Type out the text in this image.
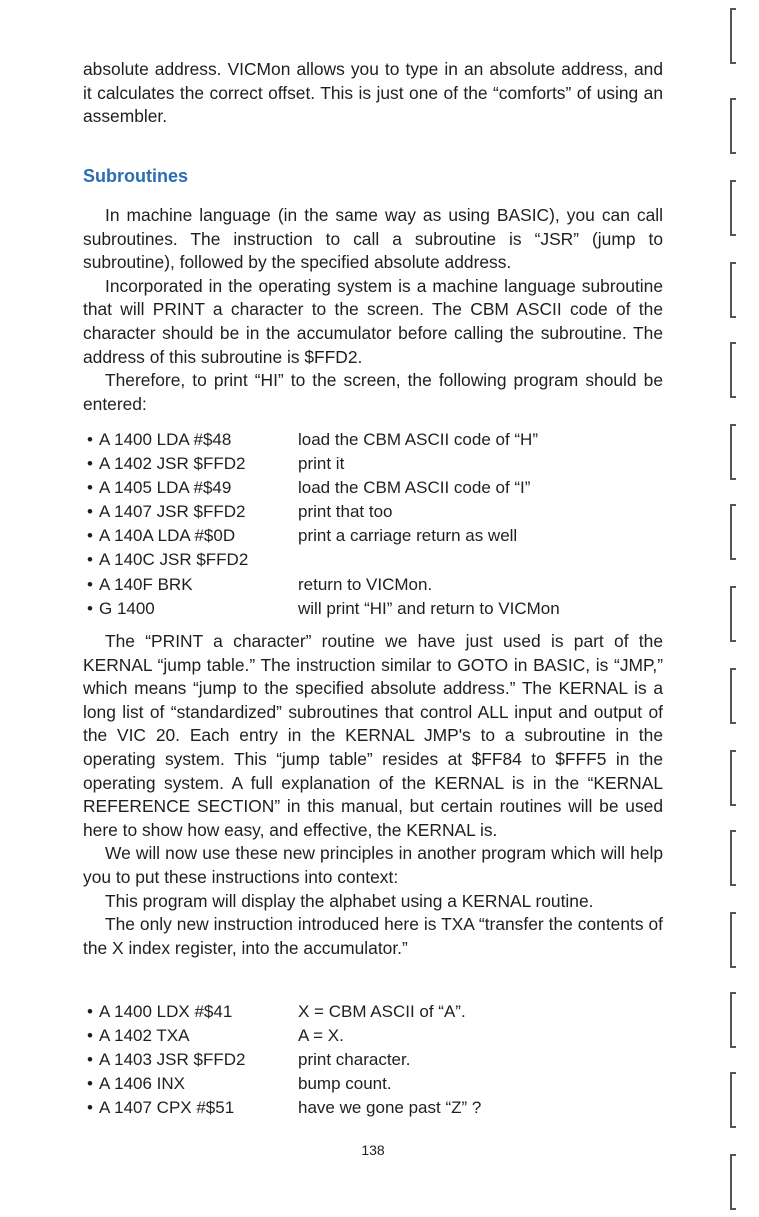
absolute address. VICMon allows you to type in an absolute address, and it calculates the correct offset. This is just one of the “comforts” of using an assembler.

Subroutines

In machine language (in the same way as using BASIC), you can call subroutines. The instruction to call a subroutine is “JSR” (jump to subroutine), followed by the specified absolute address.

Incorporated in the operating system is a machine language subroutine that will PRINT a character to the screen. The CBM ASCII code of the character should be in the accumulator before calling the subroutine. The address of this subroutine is $FFD2.

Therefore, to print “HI” to the screen, the following program should be entered:

• A 1400 LDA #$48	load the CBM ASCII code of “H”
• A 1402 JSR $FFD2	print it
• A 1405 LDA #$49	load the CBM ASCII code of “I”
• A 1407 JSR $FFD2	print that too
• A 140A LDA #$0D	print a carriage return as well
• A 140C JSR $FFD2
• A 140F BRK	return to VICMon.
• G 1400	will print “HI” and return to VICMon

The “PRINT a character” routine we have just used is part of the KERNAL “jump table.” The instruction similar to GOTO in BASIC, is “JMP,” which means “jump to the specified absolute address.” The KERNAL is a long list of “standardized” subroutines that control ALL input and output of the VIC 20. Each entry in the KERNAL JMP's to a subroutine in the operating system. This “jump table” resides at $FF84 to $FFF5 in the operating system. A full explanation of the KERNAL is in the “KERNAL REFERENCE SECTION” in this manual, but certain routines will be used here to show how easy, and effective, the KERNAL is.

We will now use these new principles in another program which will help you to put these instructions into context:

This program will display the alphabet using a KERNAL routine.

The only new instruction introduced here is TXA “transfer the contents of the X index register, into the accumulator.”

• A 1400 LDX #$41	X = CBM ASCII of “A”.
• A 1402 TXA	A = X.
• A 1403 JSR $FFD2	print character.
• A 1406 INX	bump count.
• A 1407 CPX #$51	have we gone past “Z” ?
138
